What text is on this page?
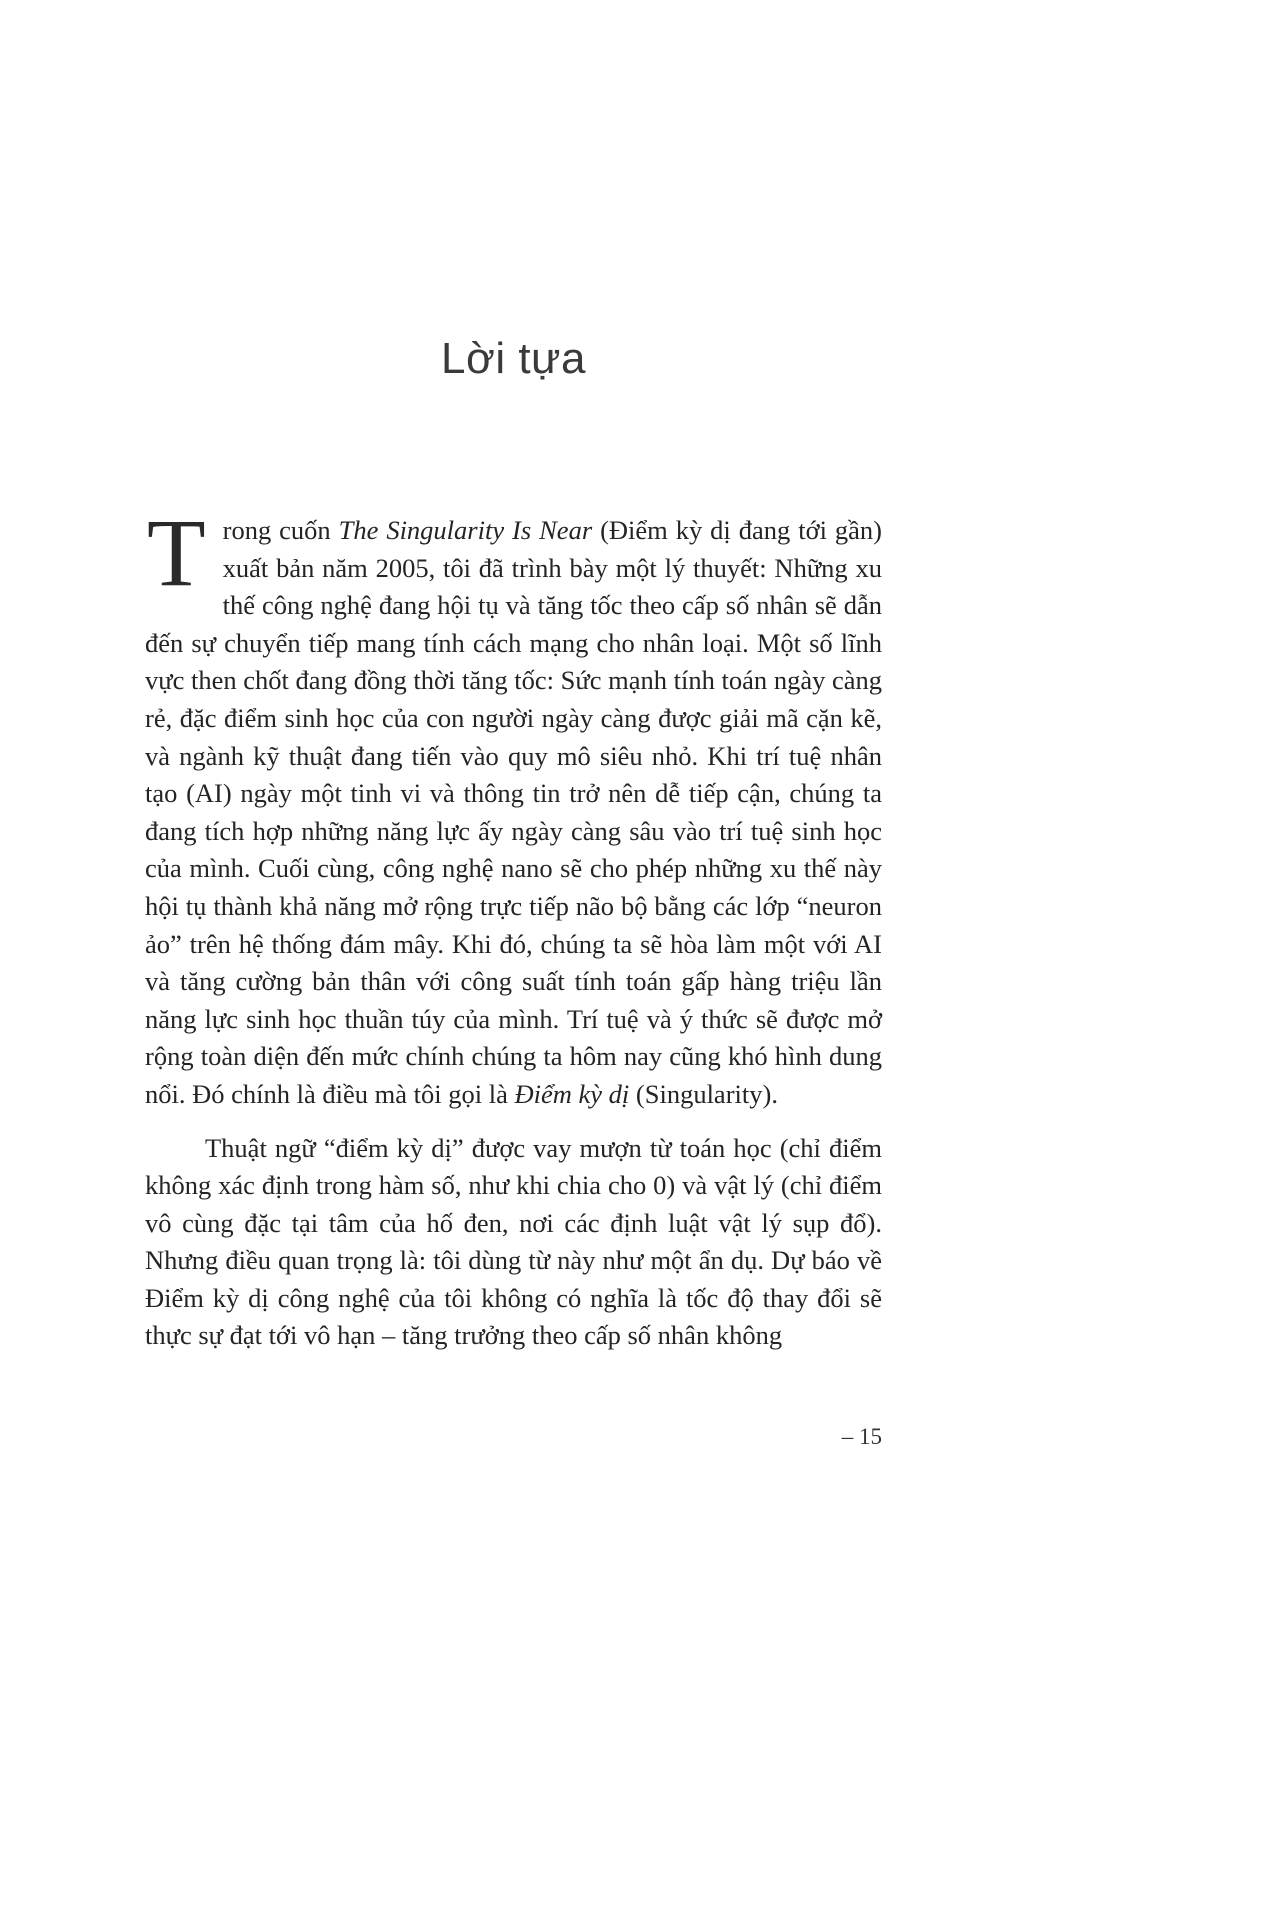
Lời tựa

Trong cuốn The Singularity Is Near (Điểm kỳ dị đang tới gần) xuất bản năm 2005, tôi đã trình bày một lý thuyết: Những xu thế công nghệ đang hội tụ và tăng tốc theo cấp số nhân sẽ dẫn đến sự chuyển tiếp mang tính cách mạng cho nhân loại. Một số lĩnh vực then chốt đang đồng thời tăng tốc: Sức mạnh tính toán ngày càng rẻ, đặc điểm sinh học của con người ngày càng được giải mã cặn kẽ, và ngành kỹ thuật đang tiến vào quy mô siêu nhỏ. Khi trí tuệ nhân tạo (AI) ngày một tinh vi và thông tin trở nên dễ tiếp cận, chúng ta đang tích hợp những năng lực ấy ngày càng sâu vào trí tuệ sinh học của mình. Cuối cùng, công nghệ nano sẽ cho phép những xu thế này hội tụ thành khả năng mở rộng trực tiếp não bộ bằng các lớp “neuron ảo” trên hệ thống đám mây. Khi đó, chúng ta sẽ hòa làm một với AI và tăng cường bản thân với công suất tính toán gấp hàng triệu lần năng lực sinh học thuần túy của mình. Trí tuệ và ý thức sẽ được mở rộng toàn diện đến mức chính chúng ta hôm nay cũng khó hình dung nổi. Đó chính là điều mà tôi gọi là Điểm kỳ dị (Singularity).

Thuật ngữ “điểm kỳ dị” được vay mượn từ toán học (chỉ điểm không xác định trong hàm số, như khi chia cho 0) và vật lý (chỉ điểm vô cùng đặc tại tâm của hố đen, nơi các định luật vật lý sụp đổ). Nhưng điều quan trọng là: tôi dùng từ này như một ẩn dụ. Dự báo về Điểm kỳ dị công nghệ của tôi không có nghĩa là tốc độ thay đổi sẽ thực sự đạt tới vô hạn – tăng trưởng theo cấp số nhân không

– 15
